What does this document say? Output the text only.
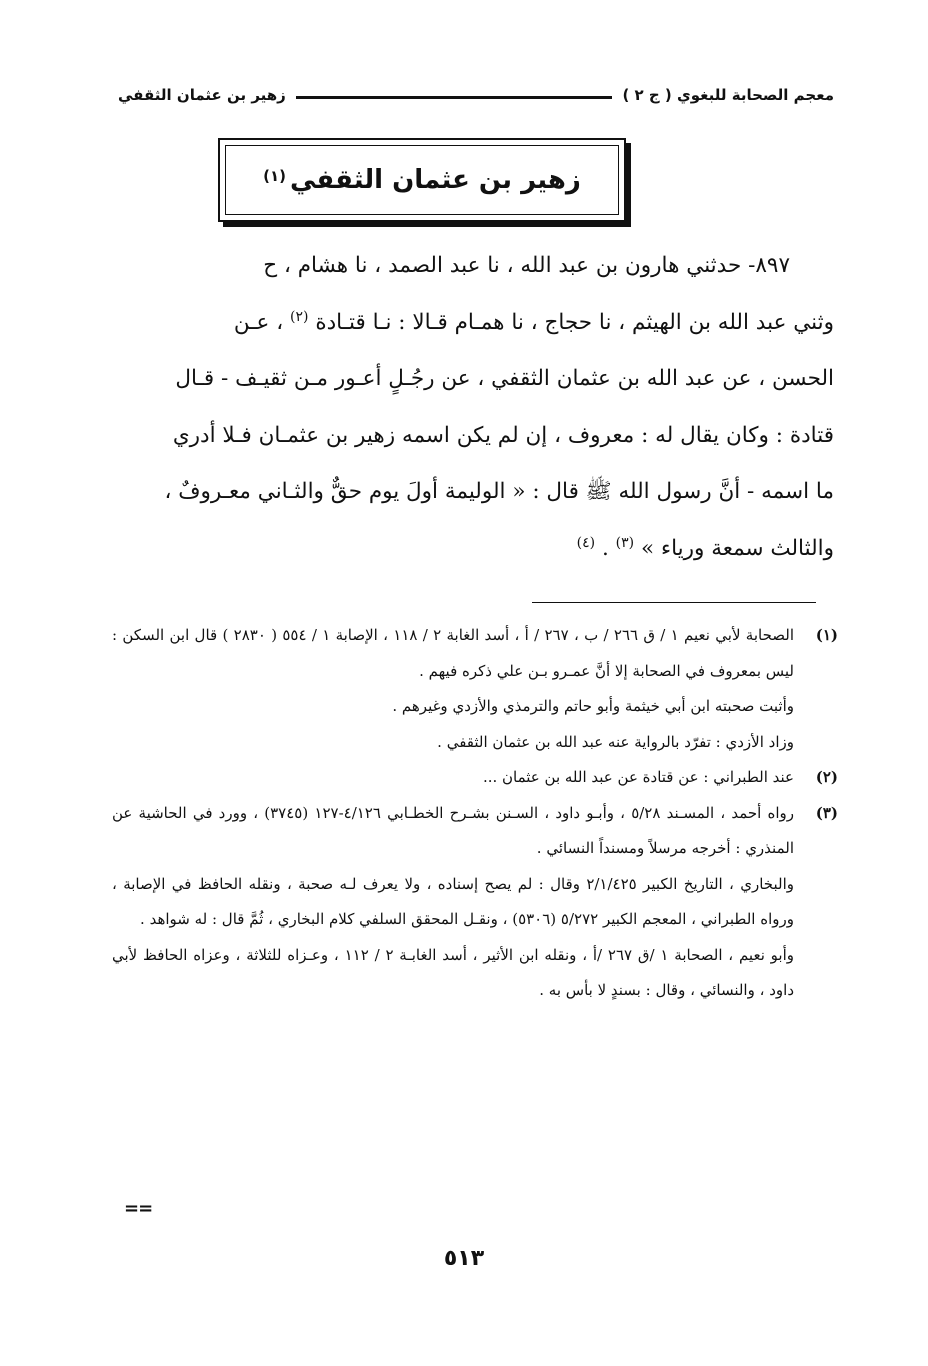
معجم الصحابة للبغوي ( ج ٢ )
زهير بن عثمان الثقفي
زهير بن عثمان الثقفي
$^{(١)}$

٨٩٧- حدثني هارون بن عبد الله ، نا عبد الصمد ، نا هشام ، ح

وثني عبد الله بن الهيثم ، نا حجاج ، نا همـام قـالا : نـا قتـادة $^{(٢)}$ ، عـن

الحسن ، عن عبد الله بن عثمان الثقفي ، عن رجُـلٍ أعـور مـن ثقيـف - قـال

قتادة : وكان يقال له : معروف ، إن لم يكن اسمه زهير بن عثمـان فـلا أدري

ما اسمه - أنَّ رسول الله ﷺ قال : « الوليمة أولَ يوم حقٌّ والثـاني معـروفٌ ،

والثالث سمعة ورياء » $^{(٣)}$ . $^{(٤)}$

(١)

الصحابة لأبي نعيم ١ / ق ٢٦٦ / ب ، ٢٦٧ / أ ، أسد الغابة ٢ / ١١٨ ، الإصابة ١ / ٥٥٤ ( ٢٨٣٠ ) قال ابن السكن : ليس بمعروف في الصحابة إلا أنَّ عمـرو بـن علي ذكره فيهم .

وأثبت صحبته ابن أبي خيثمة وأبو حاتم والترمذي والأزدي وغيرهم .

وزاد الأزدي : تفرّد بالرواية عنه عبد الله بن عثمان الثقفي .

(٢)

عند الطبراني : عن قتادة عن عبد الله بن عثمان ...

(٣)

رواه أحمد ، المسـند ٥/٢٨ ، وأبـو داود ، السـنن بشـرح الخطـابي ٤/١٢٦-١٢٧ (٣٧٤٥) ، وورد في الحاشية عن المنذري : أخرجه مرسلاً ومسنداً النسائي .

والبخاري ، التاريخ الكبير ٢/١/٤٢٥ وقال : لم يصح إسناده ، ولا يعرف لـه صحبة ، ونقله الحافظ في الإصابة ، ورواه الطبراني ، المعجم الكبير ٥/٢٧٢ (٥٣٠٦) ، ونقـل المحقق السلفي كلام البخاري ، ثُمَّ قال : له شواهد .

وأبو نعيم ، الصحابة ١ /ق ٢٦٧ /أ ، ونقله ابن الأثير ، أسد الغابـة ٢ / ١١٢ ، وعـزاه للثلاثة ، وعزاه الحافظ لأبي داود ، والنسائي ، وقال : بسندٍ لا بأس به .

==
٥١٣
